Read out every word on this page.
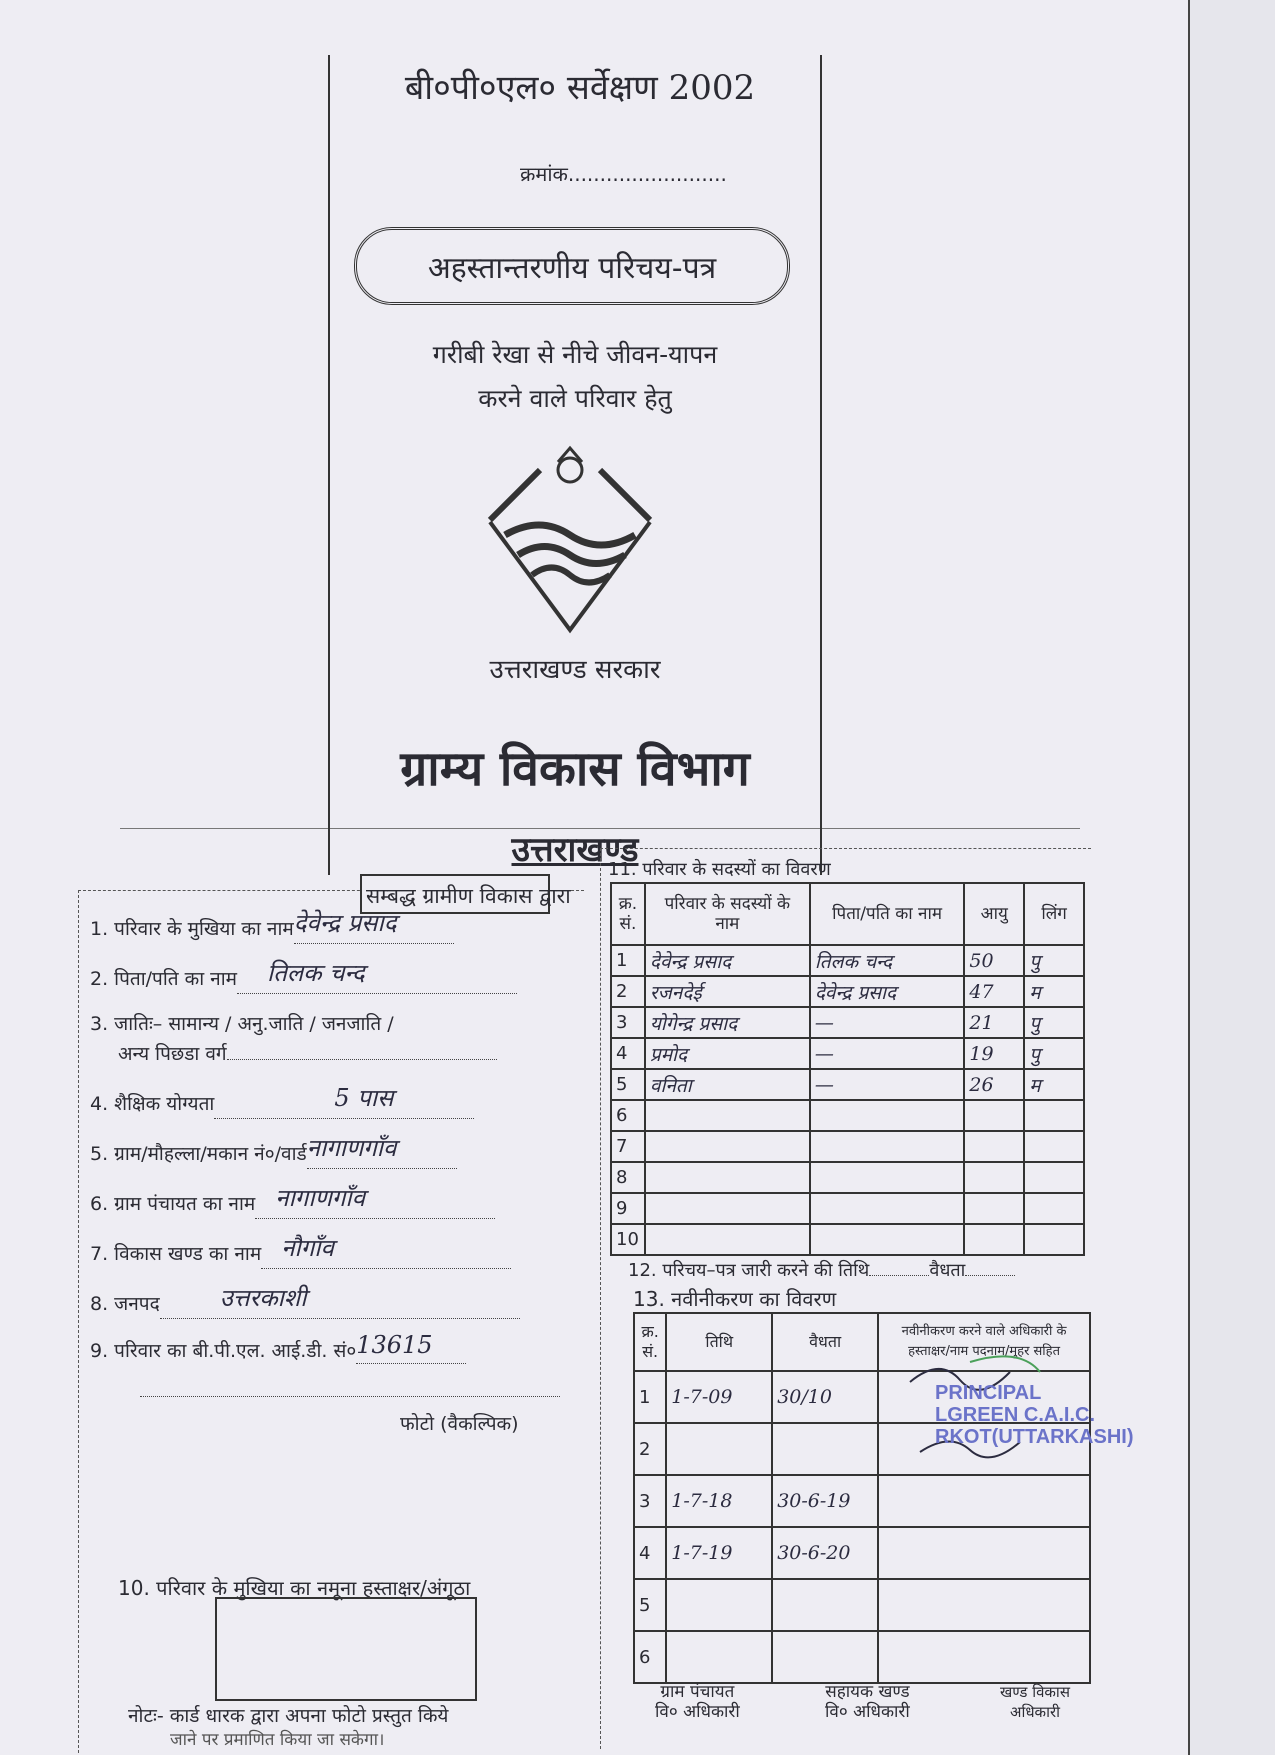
बी०पी०एल० सर्वेक्षण 2002
क्रमांक.........................
अहस्तान्तरणीय परिचय-पत्र
गरीबी रेखा से नीचे जीवन-यापन
करने वाले परिवार हेतु
उत्तराखण्ड सरकार
ग्राम्य विकास विभाग
उत्तराखण्ड
सम्बद्ध ग्रामीण विकास द्वारा
1. परिवार के मुखिया का नामदेवेन्द्र प्रसाद
2. पिता/पति का नाम तिलक चन्द
3. जातिः– सामान्य / अनु.जाति / जनजाति /
अन्य पिछडा वर्ग
4. शैक्षिक योग्यता	5 पास
5. ग्राम/मौहल्ला/मकान नं०/वार्डनागाणगाँव
6. ग्राम पंचायत का नाम नागाणगाँव
7. विकास खण्ड का नाम नौगाँव
8. जनपद	उत्तरकाशी
9. परिवार का बी.पी.एल. आई.डी. सं०13615
फोटो (वैकल्पिक)
10. परिवार के मुखिया का नमूना हस्ताक्षर/अंगूठा
नोटः- कार्ड धारक द्वारा अपना फोटो प्रस्तुत किये
जाने पर प्रमाणित किया जा सकेगा।
11. परिवार के सदस्यों का विवरण
क्र. सं.	परिवार के सदस्यों के नाम	पिता/पति का नाम	आयु	लिंग
1	देवेन्द्र प्रसाद	तिलक चन्द	50	पु
2	रजनदेई	देवेन्द्र प्रसाद	47	म
3	योगेन्द्र प्रसाद	—	21	पु
4	प्रमोद	—	19	पु
5	वनिता	—	26	म
6				
7				
8				
9				
10				
12. परिचय–पत्र जारी करने की तिथि	वैधता
13. नवीनीकरण का विवरण
क्र. सं.	तिथि	वैधता	नवीनीकरण करने वाले अधिकारी के हस्ताक्षर/नाम पदनाम/मुहर सहित
1	1-7-09	30/10	
2			
3	1-7-18	30-6-19	
4	1-7-19	30-6-20	
5			
6			
PRINCIPAL
LGREEN C.A.I.C.
RKOT(UTTARKASHI)
ग्राम पंचायत
वि० अधिकारी
सहायक खण्ड
वि० अधिकारी
खण्ड विकास
अधिकारी
